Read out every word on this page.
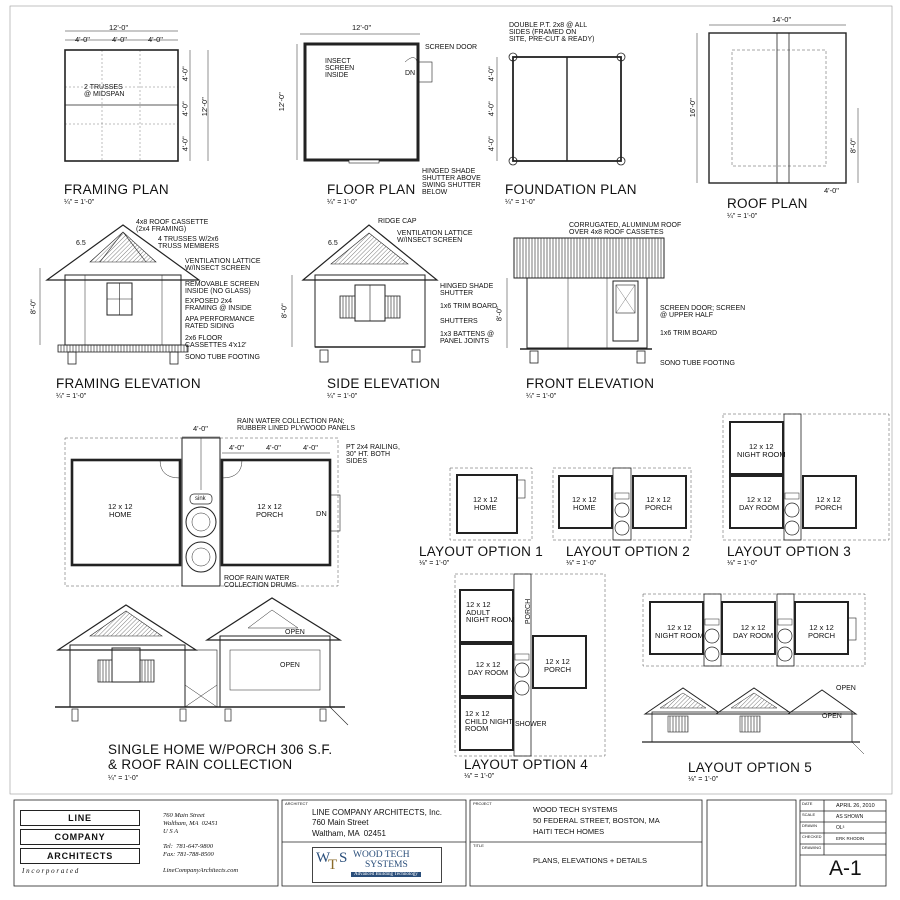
12'-0"
4'-0"	4'-0"	4'-0"
4'-0"
4'-0"
4'-0"
12'-0"
2 TRUSSES
@ MIDSPAN
FRAMING PLAN
¼" = 1'-0"
12'-0"
12'-0"
SCREEN DOOR
INSECT
SCREEN
INSIDE
HINGED SHADE
SHUTTER ABOVE
SWING SHUTTER
BELOW
DN
FLOOR PLAN
¼" = 1'-0"
DOUBLE P.T. 2x8 @ ALL
SIDES (FRAMED ON
SITE, PRE-CUT & READY)
4'-0"
4'-0"
4'-0"
FOUNDATION PLAN
¼" = 1'-0"
14'-0"
16'-0"
8'-0"
4'-0"
ROOF PLAN
¼" = 1'-0"
6.5
8'-0"
4x8 ROOF CASSETTE
(2x4 FRAMING)
4 TRUSSES W/2x6
TRUSS MEMBERS
VENTILATION LATTICE
W/INSECT SCREEN
REMOVABLE SCREEN
INSIDE (NO GLASS)
EXPOSED 2x4
FRAMING @ INSIDE
APA PERFORMANCE
RATED SIDING
2x6 FLOOR
CASSETTES 4'x12'
SONO TUBE FOOTING
FRAMING ELEVATION
¼" = 1'-0"
6.5
8'-0"
RIDGE CAP
VENTILATION LATTICE
W/INSECT SCREEN
HINGED SHADE
SHUTTER
1x6 TRIM BOARD
SHUTTERS
1x3 BATTENS @
PANEL JOINTS
SIDE ELEVATION
¼" = 1'-0"
8'-0"
CORRUGATED, ALUMINUM ROOF
OVER 4x8 ROOF CASSETES
SCREEN DOOR; SCREEN
@ UPPER HALF
1x6 TRIM BOARD
SONO TUBE FOOTING
FRONT ELEVATION
¼" = 1'-0"
4'-0"
4'-0"	4'-0"	4'-0"
12 x 12
HOME
12 x 12
PORCH
sink
DN
RAIN WATER COLLECTION PAN;
RUBBER LINED PLYWOOD PANELS
PT 2x4 RAILING,
30" HT. BOTH
SIDES
ROOF RAIN WATER
COLLECTION DRUMS
OPEN
OPEN
SINGLE HOME W/PORCH 306 S.F.
& ROOF RAIN COLLECTION
¼" = 1'-0"
12 x 12
HOME
LAYOUT OPTION 1
⅛" = 1'-0"
12 x 12
HOME
12 x 12
PORCH
LAYOUT OPTION 2
⅛" = 1'-0"
12 x 12
NIGHT ROOM
12 x 12
DAY ROOM
12 x 12
PORCH
LAYOUT OPTION 3
⅛" = 1'-0"
12 x 12
ADULT
NIGHT ROOM
12 x 12
DAY ROOM
12 x 12
CHILD NIGHT
ROOM
12 x 12
PORCH
PORCH
SHOWER
LAYOUT OPTION 4
⅛" = 1'-0"
12 x 12
NIGHT ROOM
12 x 12
DAY ROOM
12 x 12
PORCH
OPEN
OPEN
LAYOUT OPTION 5
⅛" = 1'-0"
LINE
COMPANY
ARCHITECTS
I n c o r p o r a t e d
760 Main Street
Waltham, MA  02451
U S A
Tel:  781-647-9800
Fax: 781-788-8500
LineCompanyArchitects.com
ARCHITECT
LINE COMPANY ARCHITECTS, Inc.
760 Main Street
Waltham, MA  02451
W
T S WOOD TECH
SYSTEMS
Advanced Building Technology
PROJECT
WOOD TECH SYSTEMS
50 FEDERAL STREET, BOSTON, MA
HAITI TECH HOMES
TITLE
PLANS, ELEVATIONS + DETAILS
DATE	APRIL 26, 2010
SCALE	AS SHOWN
DRAWN	OL³
CHECKED	ERK RHODIN
DRAWING
A-1
